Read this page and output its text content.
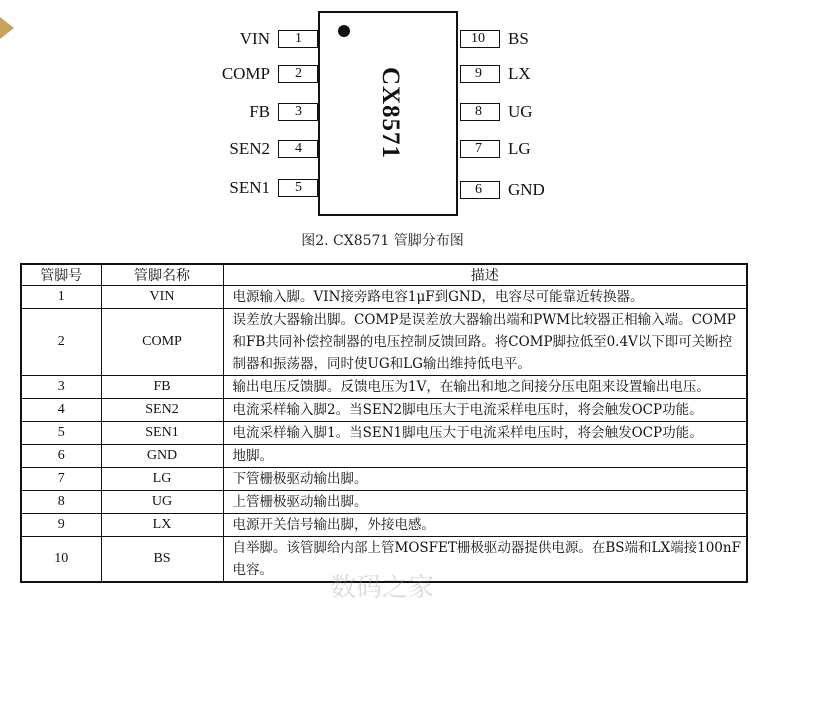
CX8571
VIN	1
COMP	2
FB	3
SEN2	4
SEN1	5
10	BS
9	LX
8	UG
7	LG
6	GND
图2. CX8571 管脚分布图
管脚号	管脚名称	描述
1	VIN	电源输入脚。VIN接旁路电容1μF到GND，电容尽可能靠近转换器。
2	COMP	误差放大器输出脚。COMP是误差放大器输出端和PWM比较器正相输入端。COMP和FB共同补偿控制器的电压控制反馈回路。将COMP脚拉低至0.4V以下即可关断控制器和振荡器，同时使UG和LG输出维持低电平。
3	FB	输出电压反馈脚。反馈电压为1V，在输出和地之间接分压电阻来设置输出电压。
4	SEN2	电流采样输入脚2。当SEN2脚电压大于电流采样电压时，将会触发OCP功能。
5	SEN1	电流采样输入脚1。当SEN1脚电压大于电流采样电压时，将会触发OCP功能。
6	GND	地脚。
7	LG	下管栅极驱动输出脚。
8	UG	上管栅极驱动输出脚。
9	LX	电源开关信号输出脚，外接电感。
10	BS	自举脚。该管脚给内部上管MOSFET栅极驱动器提供电源。在BS端和LX端接100nF电容。
数码之家
